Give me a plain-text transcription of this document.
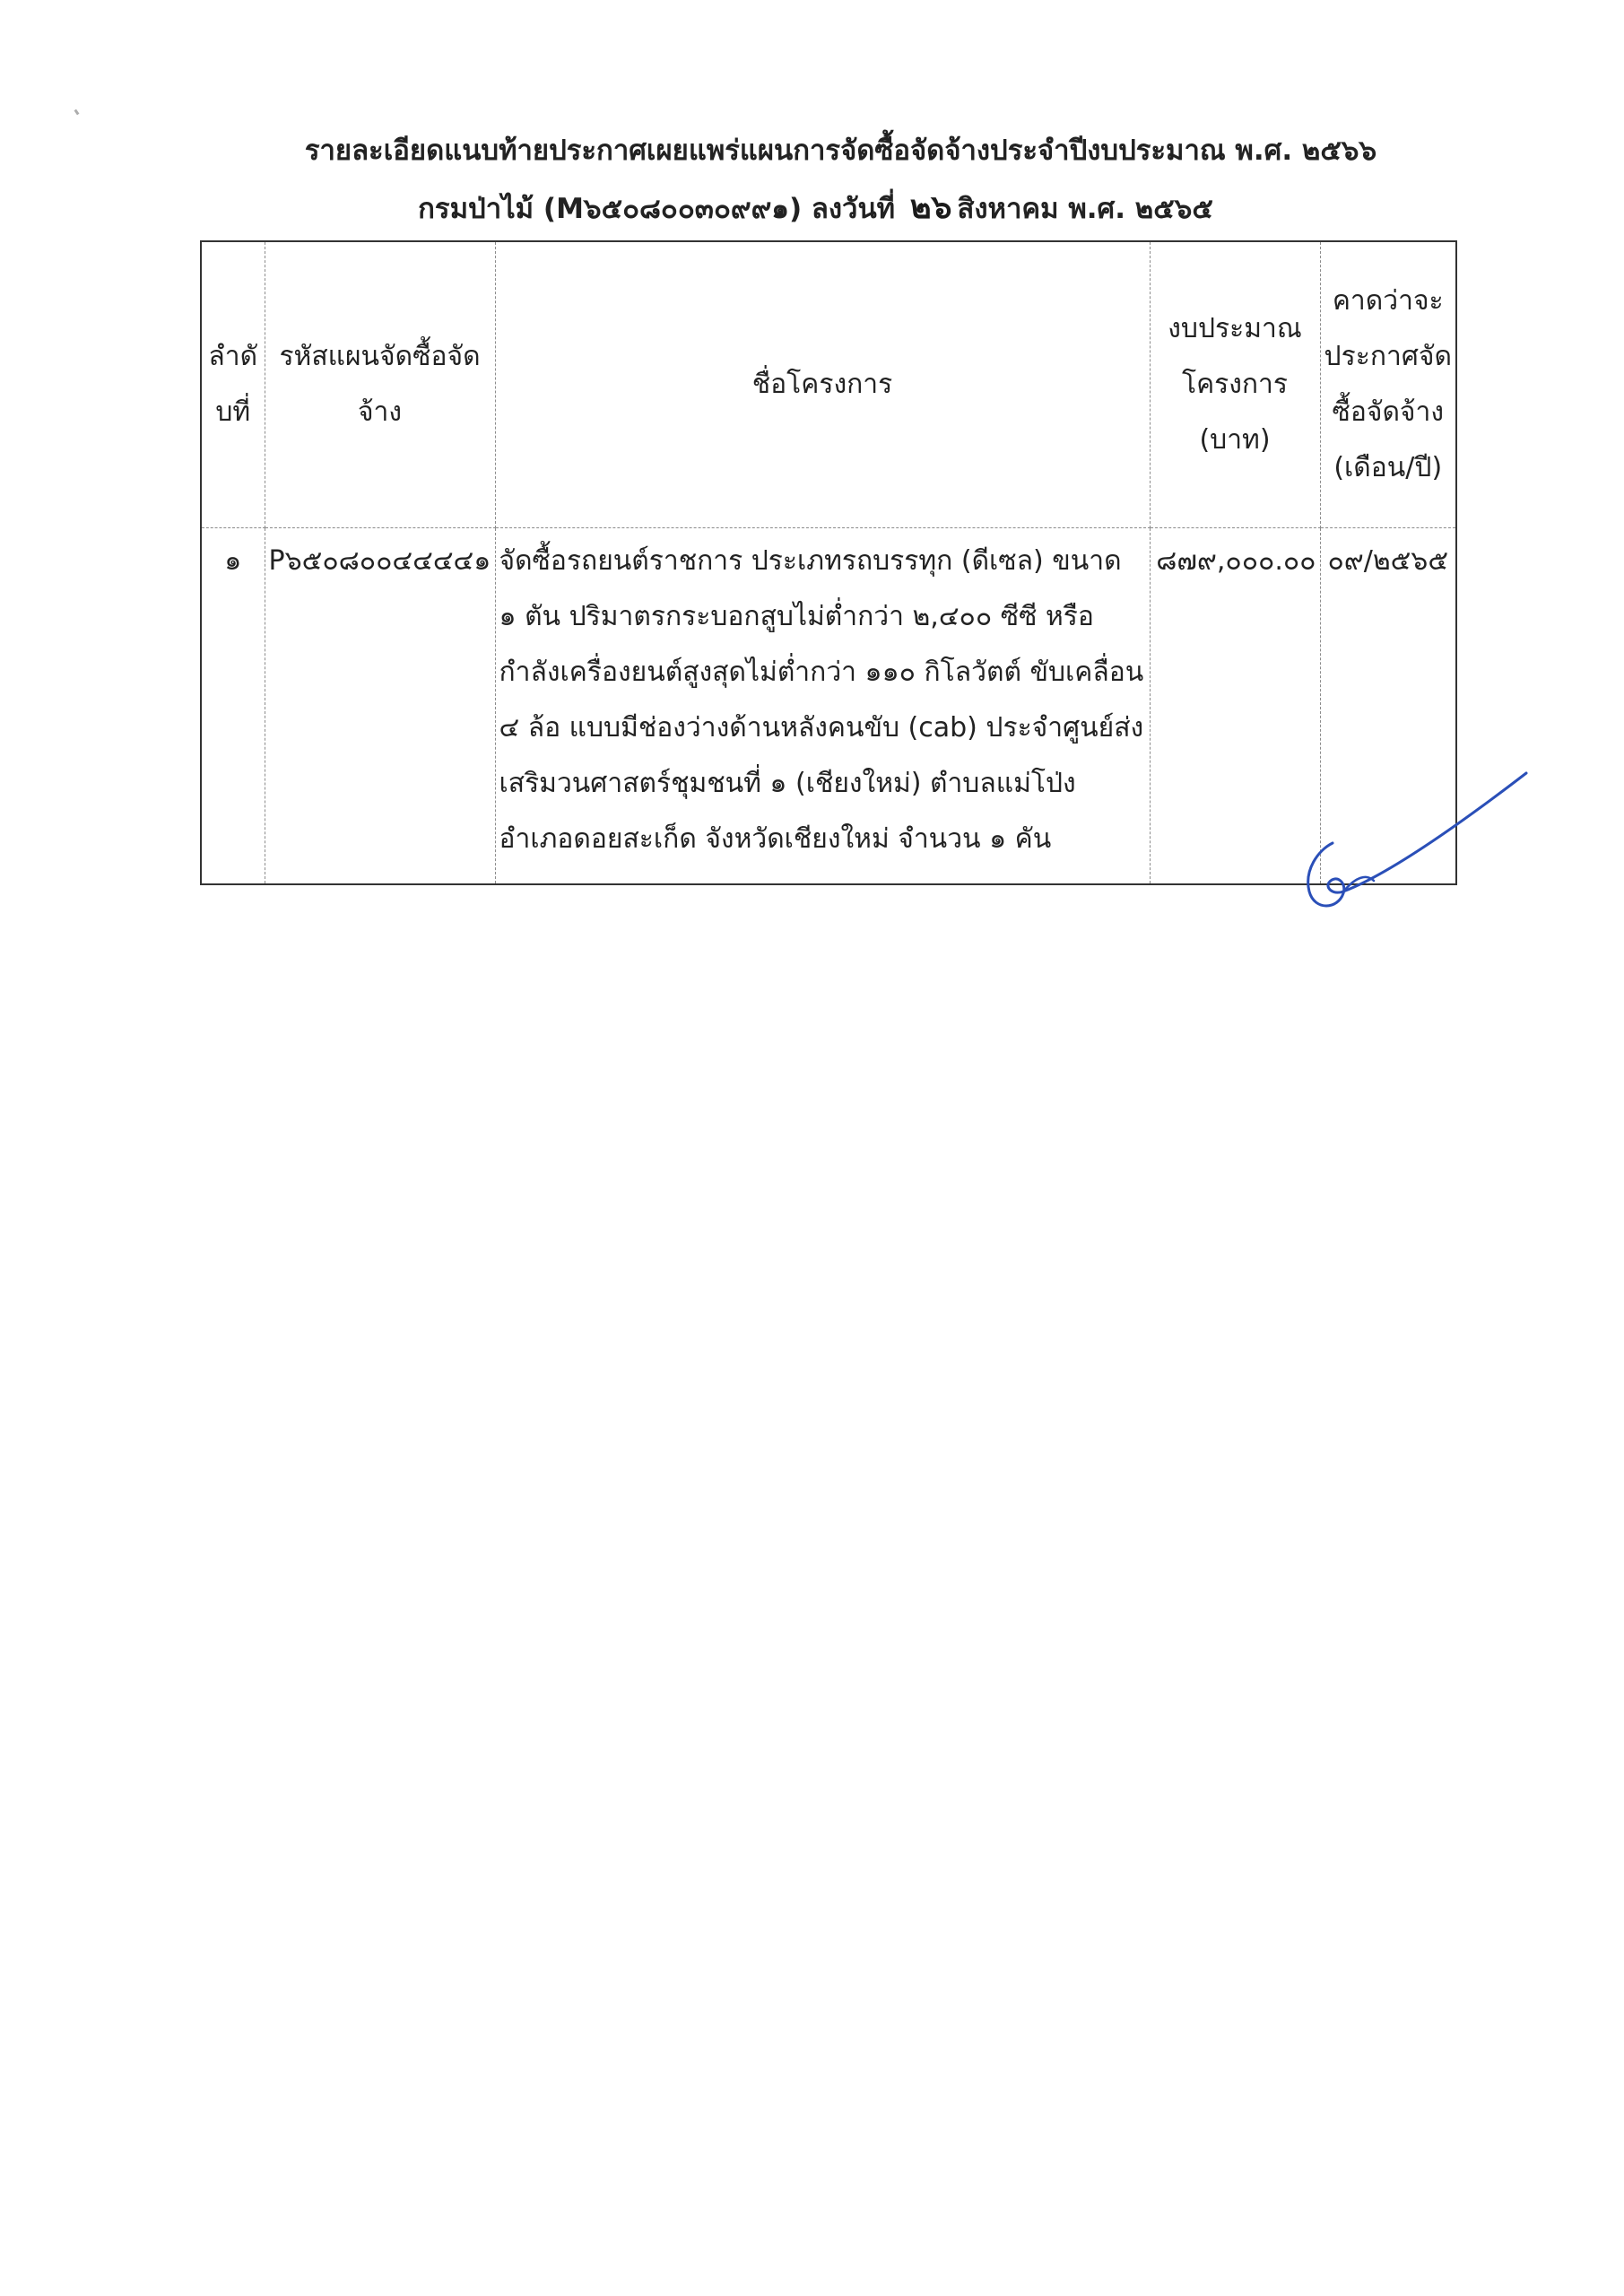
รายละเอียดแนบท้ายประกาศเผยแพร่แผนการจัดซื้อจัดจ้างประจำปีงบประมาณ พ.ศ. ๒๕๖๖
กรมป่าไม้ (M๖๕๐๘๐๐๓๐๙๙๑) ลงวันที่ ๒๖ สิงหาคม พ.ศ. ๒๕๖๕
ลำดับที่	รหัสแผนจัดซื้อจัดจ้าง	ชื่อโครงการ	งบประมาณโครงการ (บาท)	คาดว่าจะประกาศจัดซื้อจัดจ้าง (เดือน/ปี)
๑	P๖๕๐๘๐๐๔๔๔๔๑	จัดซื้อรถยนต์ราชการ ประเภทรถบรรทุก (ดีเซล) ขนาด ๑ ตัน ปริมาตรกระบอกสูบไม่ต่ำกว่า ๒,๔๐๐ ซีซี หรือกำลังเครื่องยนต์สูงสุดไม่ต่ำกว่า ๑๑๐ กิโลวัตต์ ขับเคลื่อน ๔ ล้อ แบบมีช่องว่างด้านหลังคนขับ (cab) ประจำศูนย์ส่งเสริมวนศาสตร์ชุมชนที่ ๑ (เชียงใหม่) ตำบลแม่โป่ง อำเภอดอยสะเก็ด จังหวัดเชียงใหม่ จำนวน ๑ คัน	๘๗๙,๐๐๐.๐๐	๐๙/๒๕๖๕
